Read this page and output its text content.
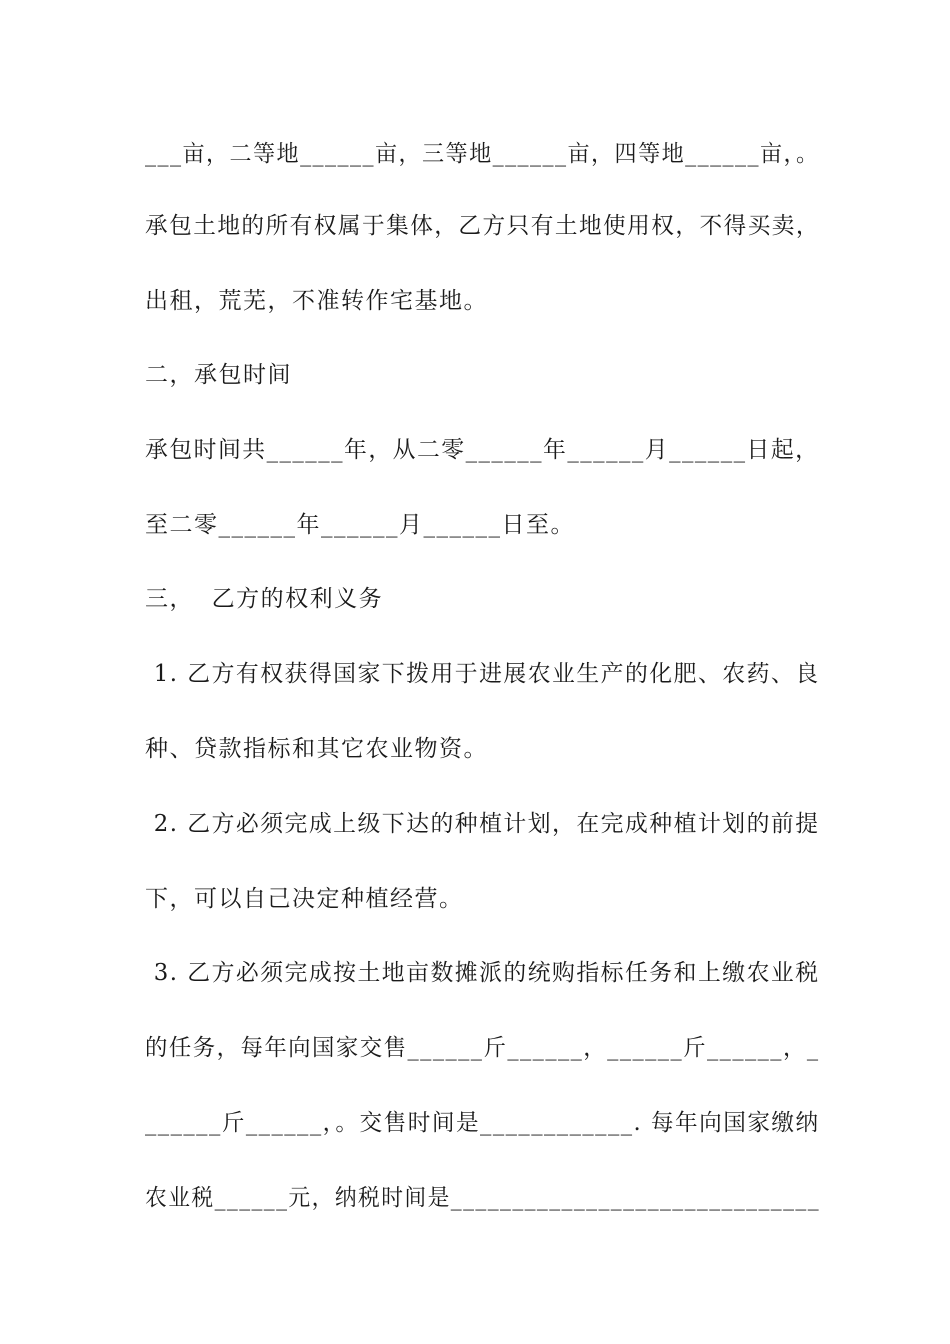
___亩，二等地______亩，三等地______亩，四等地______亩，。
承包土地的所有权属于集体，乙方只有土地使用权，不得买卖，
出租，荒芜，不准转作宅基地。
二，承包时间
承包时间共______年，从二零______年______月______日起，
至二零______年______月______日至。
三，  乙方的权利义务
1. 乙方有权获得国家下拨用于进展农业生产的化肥、农药、良
种、贷款指标和其它农业物资。
2. 乙方必须完成上级下达的种植计划，在完成种植计划的前提
下，可以自己决定种植经营。
3. 乙方必须完成按土地亩数摊派的统购指标任务和上缴农业税
的任务，每年向国家交售______斤______，______斤______，_
______斤______，。交售时间是____________. 每年向国家缴纳
农业税______元，纳税时间是______________________________
